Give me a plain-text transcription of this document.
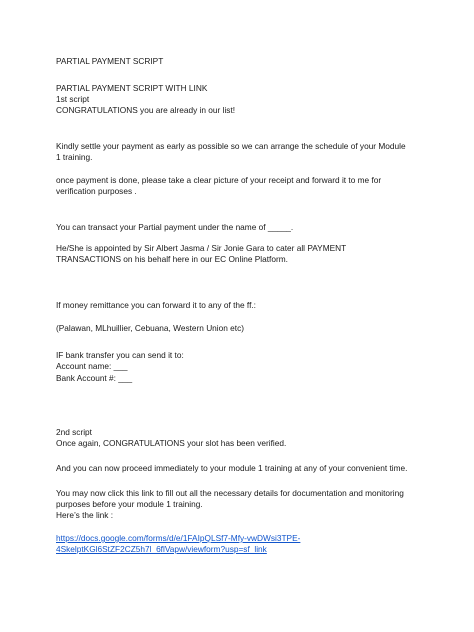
PARTIAL PAYMENT SCRIPT

PARTIAL PAYMENT SCRIPT WITH LINK

1st script

CONGRATULATIONS you are already in our list!

Kindly settle your payment as early as possible so we can arrange the schedule of your Module

1 training.

once payment is done, please take a clear picture of your receipt and forward it to me for

verification purposes .

You can transact your Partial payment under the name of _____.

He/She is appointed by Sir Albert Jasma / Sir Jonie Gara to cater all PAYMENT

TRANSACTIONS on his behalf here in our EC Online Platform.

If money remittance you can forward it to any of the ff.:

(Palawan, MLhuillier, Cebuana, Western Union etc)

IF bank transfer you can send it to:

Account name: ___

Bank Account #: ___

2nd script

Once again, CONGRATULATIONS your slot has been verified.

And you can now proceed immediately to your module 1 training at any of your convenient time.

You may now click this link to fill out all the necessary details for documentation and monitoring

purposes before your module 1 training.

Here’s the link :

https://docs.google.com/forms/d/e/1FAIpQLSf7-Mfy-vwDWsi3TPE-

4SkelptKGl6StZF2CZ5h7l_6flVapw/viewform?usp=sf_link
